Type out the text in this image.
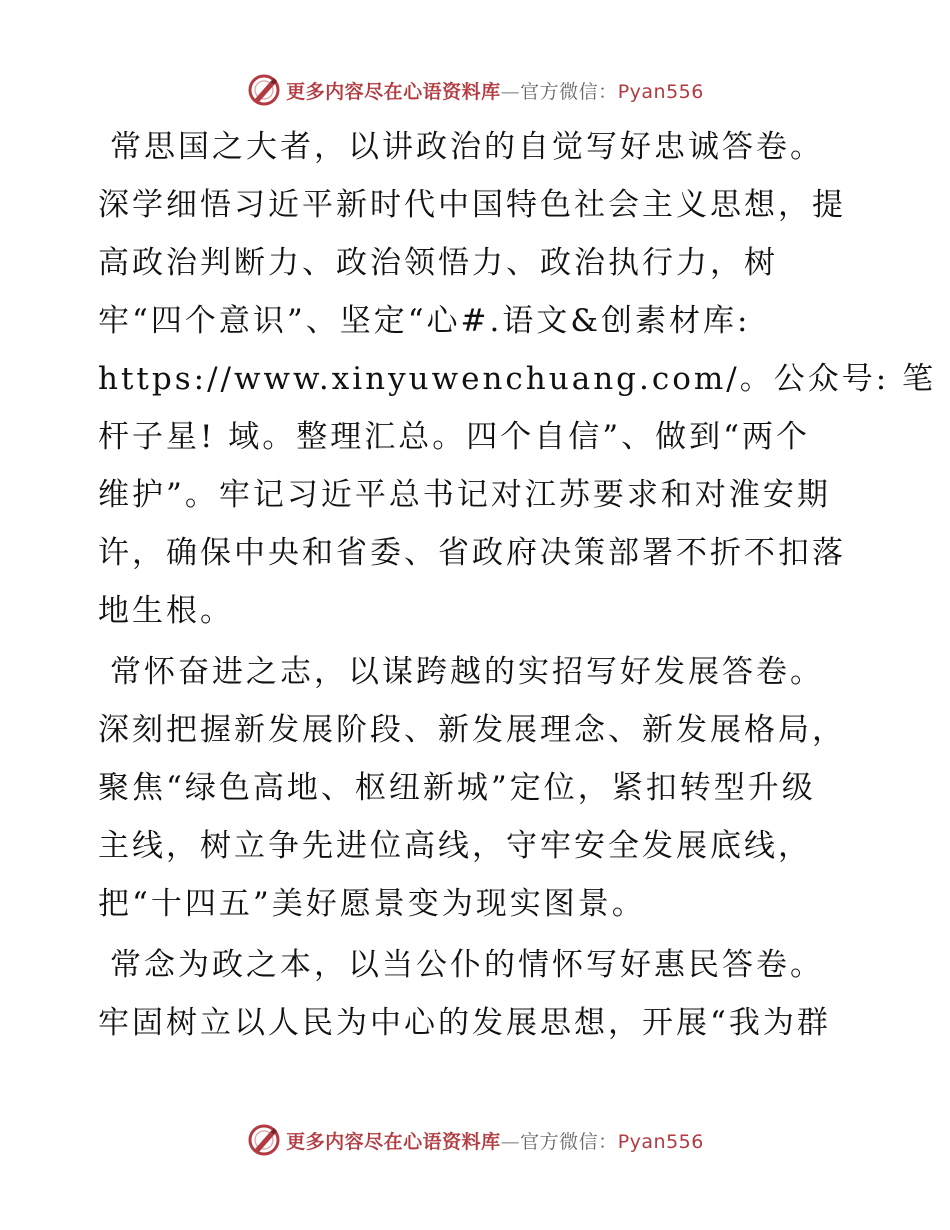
更多内容尽在心语资料库—官方微信：Pyan556
常思国之大者，以讲政治的自觉写好忠诚答卷。
深学细悟习近平新时代中国特色社会主义思想，提
高政治判断力、政治领悟力、政治执行力，树
牢“四个意识”、坚定“心#.语文&创素材库:
https://www.xinyuwenchuang.com/。公众号: 笔
杆子星! 域。整理汇总。四个自信”、做到“两个
维护”。牢记习近平总书记对江苏要求和对淮安期
许，确保中央和省委、省政府决策部署不折不扣落
地生根。
常怀奋进之志，以谋跨越的实招写好发展答卷。
深刻把握新发展阶段、新发展理念、新发展格局，
聚焦“绿色高地、枢纽新城”定位，紧扣转型升级
主线，树立争先进位高线，守牢安全发展底线，
把“十四五”美好愿景变为现实图景。
常念为政之本，以当公仆的情怀写好惠民答卷。
牢固树立以人民为中心的发展思想，开展“我为群
更多内容尽在心语资料库—官方微信：Pyan556
